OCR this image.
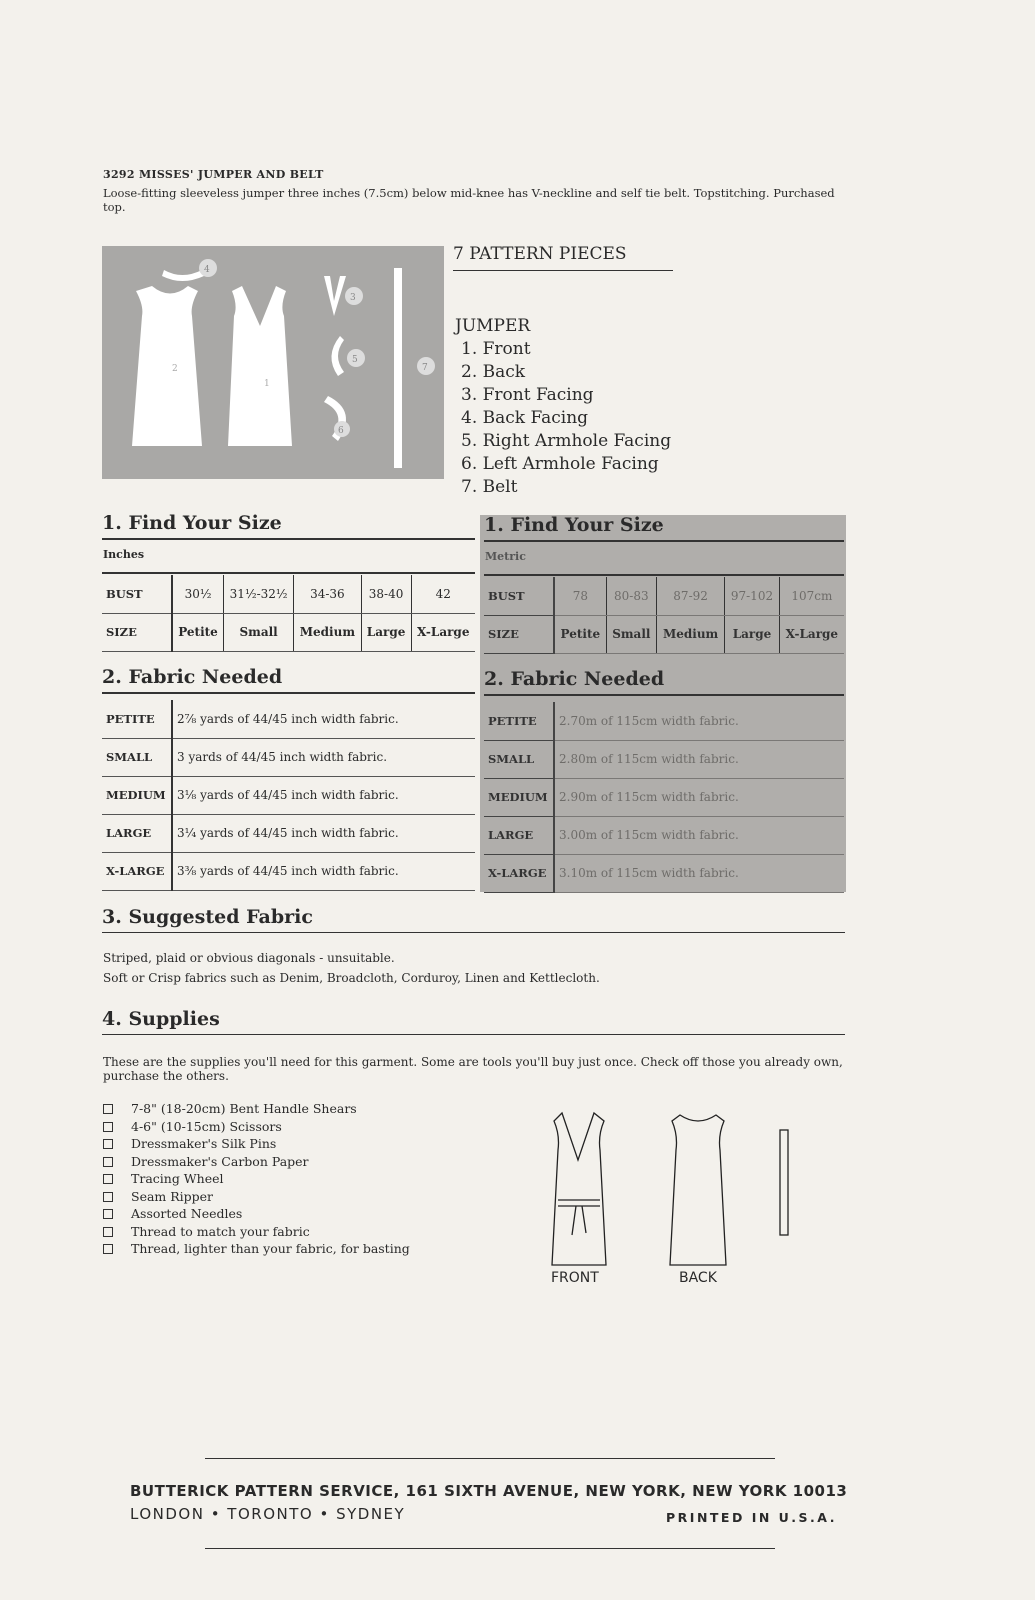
3292 MISSES' JUMPER AND BELT
Loose-fitting sleeveless jumper three inches (7.5cm) below mid-knee has V-neckline and self tie belt. Topstitching. Purchased top.
4
2
1
3
5
6
7
7 PATTERN PIECES
JUMPER
1. Front
2. Back
3. Front Facing
4. Back Facing
5. Right Armhole Facing
6. Left Armhole Facing
7. Belt
1. Find Your Size	1. Find Your Size
Inches	Metric
BUST	30½	31½-32½	34-36	38-40	42
SIZE	Petite	Small	Medium	Large	X-Large
BUST	78	80-83	87-92	97-102	107cm
SIZE	Petite	Small	Medium	Large	X-Large
2. Fabric Needed	2. Fabric Needed
PETITE	2⅞ yards of 44/45 inch width fabric.
SMALL	3 yards of 44/45 inch width fabric.
MEDIUM	3⅛ yards of 44/45 inch width fabric.
LARGE	3¼ yards of 44/45 inch width fabric.
X-LARGE	3⅜ yards of 44/45 inch width fabric.
PETITE	2.70m of 115cm width fabric.
SMALL	2.80m of 115cm width fabric.
MEDIUM	2.90m of 115cm width fabric.
LARGE	3.00m of 115cm width fabric.
X-LARGE	3.10m of 115cm width fabric.
3. Suggested Fabric
Striped, plaid or obvious diagonals - unsuitable.
Soft or Crisp fabrics such as Denim, Broadcloth, Corduroy, Linen and Kettlecloth.
4. Supplies
These are the supplies you'll need for this garment. Some are tools you'll buy just once. Check off those you already own, purchase the others.
7-8" (18-20cm) Bent Handle Shears
4-6" (10-15cm) Scissors
Dressmaker's Silk Pins
Dressmaker's Carbon Paper
Tracing Wheel
Seam Ripper
Assorted Needles
Thread to match your fabric
Thread, lighter than your fabric, for basting
FRONT	BACK
BUTTERICK PATTERN SERVICE, 161 SIXTH AVENUE, NEW YORK, NEW YORK 10013
LONDON • TORONTO • SYDNEY	PRINTED IN U.S.A.
